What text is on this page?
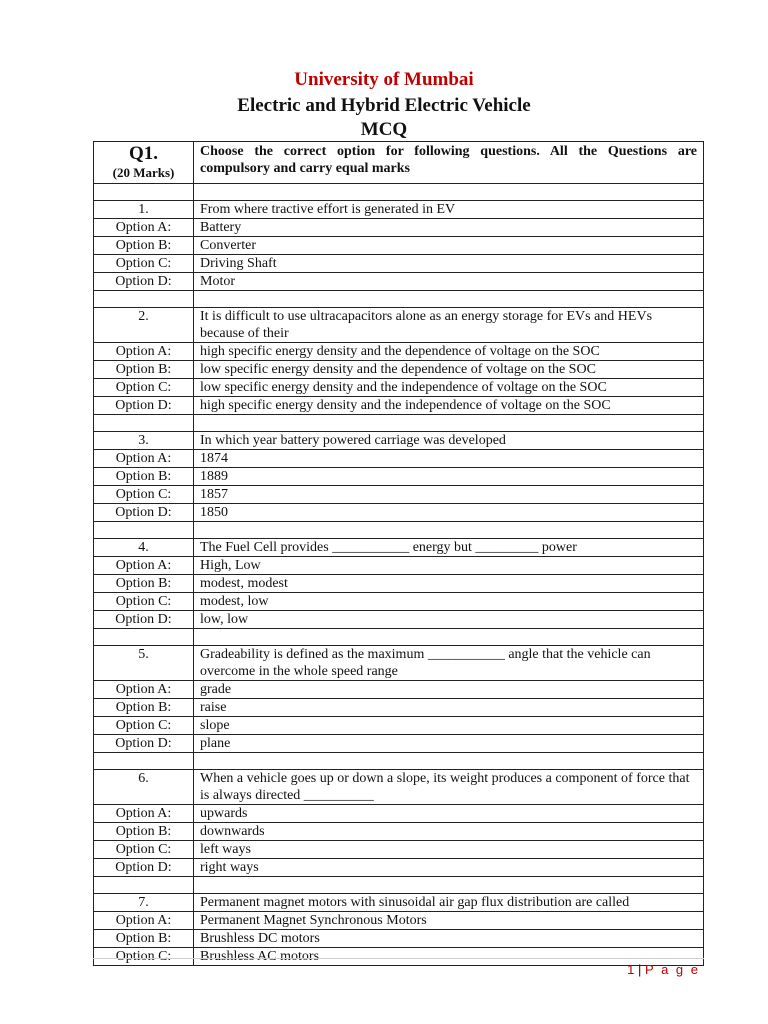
University of Mumbai
Electric and Hybrid Electric Vehicle
MCQ
Q1.
(20 Marks)	Choose the correct option for following questions. All the Questions are compulsory and carry equal marks

1.	From where tractive effort is generated in EV
Option A:	Battery
Option B:	Converter
Option C:	Driving Shaft
Option D:	Motor

2.	It is difficult to use ultracapacitors alone as an energy storage for EVs and HEVs because of their
Option A:	high specific energy density and the dependence of voltage on the SOC
Option B:	low specific energy density and the dependence of voltage on the SOC
Option C:	low specific energy density and the independence of voltage on the SOC
Option D:	high specific energy density and the independence of voltage on the SOC

3.	In which year battery powered carriage was developed
Option A:	1874
Option B:	1889
Option C:	1857
Option D:	1850

4.	The Fuel Cell provides ___________ energy but _________ power
Option A:	High, Low
Option B:	modest, modest
Option C:	modest, low
Option D:	low, low

5.	Gradeability is defined as the maximum ___________ angle that the vehicle can overcome in the whole speed range
Option A:	grade
Option B:	raise
Option C:	slope
Option D:	plane

6.	When a vehicle goes up or down a slope, its weight produces a component of force that is always directed __________
Option A:	upwards
Option B:	downwards
Option C:	left ways
Option D:	right ways

7.	Permanent magnet motors with sinusoidal air gap flux distribution are called
Option A:	Permanent Magnet Synchronous Motors
Option B:	Brushless DC motors
Option C:	Brushless AC motors
1 | P a g e
